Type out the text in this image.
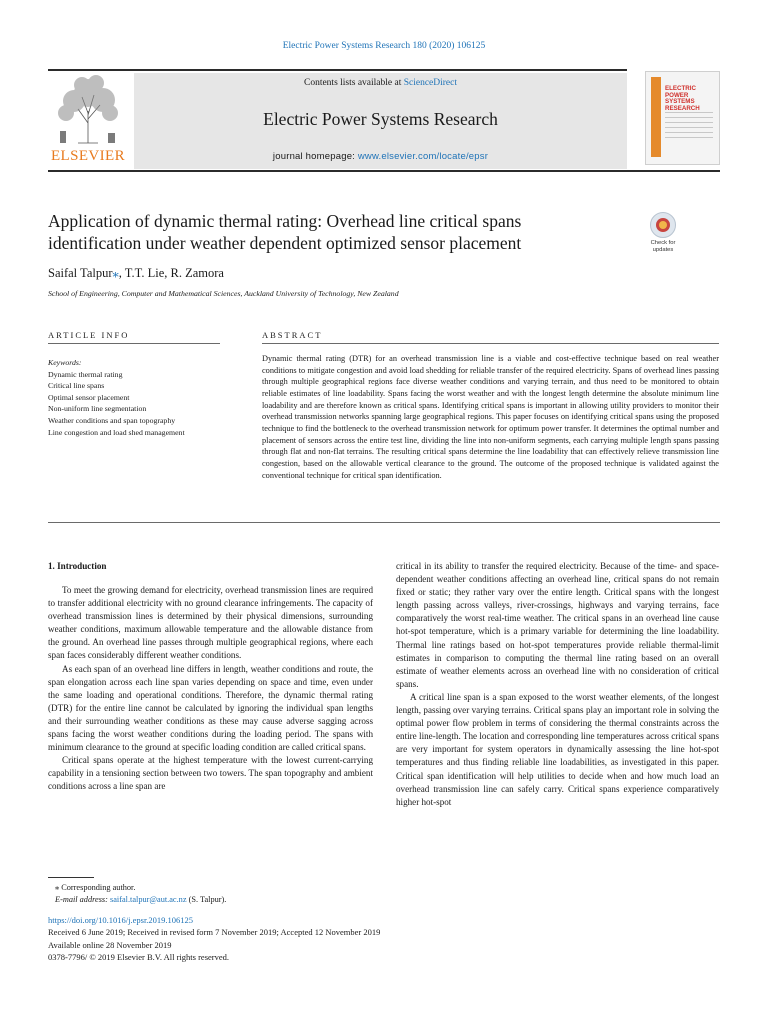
Electric Power Systems Research 180 (2020) 106125
ELSEVIER
Contents lists available at ScienceDirect
Electric Power Systems Research
journal homepage: www.elsevier.com/locate/epsr
ELECTRIC POWER SYSTEMS RESEARCH
Application of dynamic thermal rating: Overhead line critical spans identification under weather dependent optimized sensor placement	Check for updates
Saifal Talpur⁎, T.T. Lie, R. Zamora
School of Engineering, Computer and Mathematical Sciences, Auckland University of Technology, New Zealand
ARTICLE INFO	ABSTRACT
Keywords:
Dynamic thermal rating
Critical line spans
Optimal sensor placement
Non-uniform line segmentation
Weather conditions and span topography
Line congestion and load shed management
Dynamic thermal rating (DTR) for an overhead transmission line is a viable and cost-effective technique based on real weather conditions to mitigate congestion and avoid load shedding for reliable transfer of the required electricity. Spans of overhead lines passing through multiple geographical regions face diverse weather conditions and varying terrain, and thus need to be monitored to obtain reliable estimates of line loadability. Spans facing the worst weather and with the longest length determine the absolute minimum line loadability and are therefore known as critical spans. Identifying critical spans is important in allowing utility providers to monitor their overhead transmission networks spanning large geographical regions. This paper focuses on identifying critical spans using the proposed technique to find the bottleneck to the overhead transmission network for optimum power transfer. It determines the optimal number and placement of sensors across the entire test line, dividing the line into non-uniform segments, each carrying multiple length spans passing through flat and non-flat terrains. The resulting critical spans determine the line loadability that can effectively relieve transmission line congestion, based on the allowable vertical clearance to the ground. The outcome of the proposed technique is validated against the conventional technique for critical span identification.
1. Introduction

To meet the growing demand for electricity, overhead transmission lines are required to transfer additional electricity with no ground clearance infringements. The capacity of overhead transmission lines is determined by their physical dimensions, surrounding weather conditions, maximum allowable temperature and the allowable distance from the ground. An overhead line passes through multiple geographical regions, where each span faces considerably different weather conditions.

As each span of an overhead line differs in length, weather conditions and route, the span elongation across each line span varies depending on space and time, even under the same loading and operational conditions. Therefore, the dynamic thermal rating (DTR) for the entire line cannot be calculated by ignoring the individual span lengths and their surrounding weather conditions as these may cause adverse sagging across spans facing the worst weather conditions during the loading period. The spans with minimum clearance to the ground at specific loading condition are called critical spans.

Critical spans operate at the highest temperature with the lowest current-carrying capability in a tensioning section between two towers. The span topography and ambient conditions across a line span are

critical in its ability to transfer the required electricity. Because of the time- and space-dependent weather conditions affecting an overhead line, critical spans do not remain fixed or static; they rather vary over the entire length. Critical spans with the longest length passing across valleys, river-crossings, highways and varying terrains, face comparatively the worst real-time weather. The critical spans in an overhead line cause hot-spot temperature, which is a primary variable for determining the line loadability. Thermal line ratings based on hot-spot temperatures provide reliable thermal-limit estimates in comparison to computing the thermal line rating based on an overall estimate of weather elements across an overhead line with no consideration of critical spans.

A critical line span is a span exposed to the worst weather elements, of the longest length, passing over varying terrains. Critical spans play an important role in solving the optimal power flow problem in terms of considering the thermal constraints across the entire line-length. The location and corresponding line temperatures across critical spans are very important for system operators in dynamically assessing the line hot-spot temperatures and thus finding reliable line loadabilities, as investigated in this paper. Critical span identification will help utilities to decide when and how much load an overhead transmission line can safely carry. Critical spans experience comparatively higher hot-spot

⁎ Corresponding author.
E-mail address: saifal.talpur@aut.ac.nz (S. Talpur).
https://doi.org/10.1016/j.epsr.2019.106125
Received 6 June 2019; Received in revised form 7 November 2019; Accepted 12 November 2019
Available online 28 November 2019
0378-7796/ © 2019 Elsevier B.V. All rights reserved.
